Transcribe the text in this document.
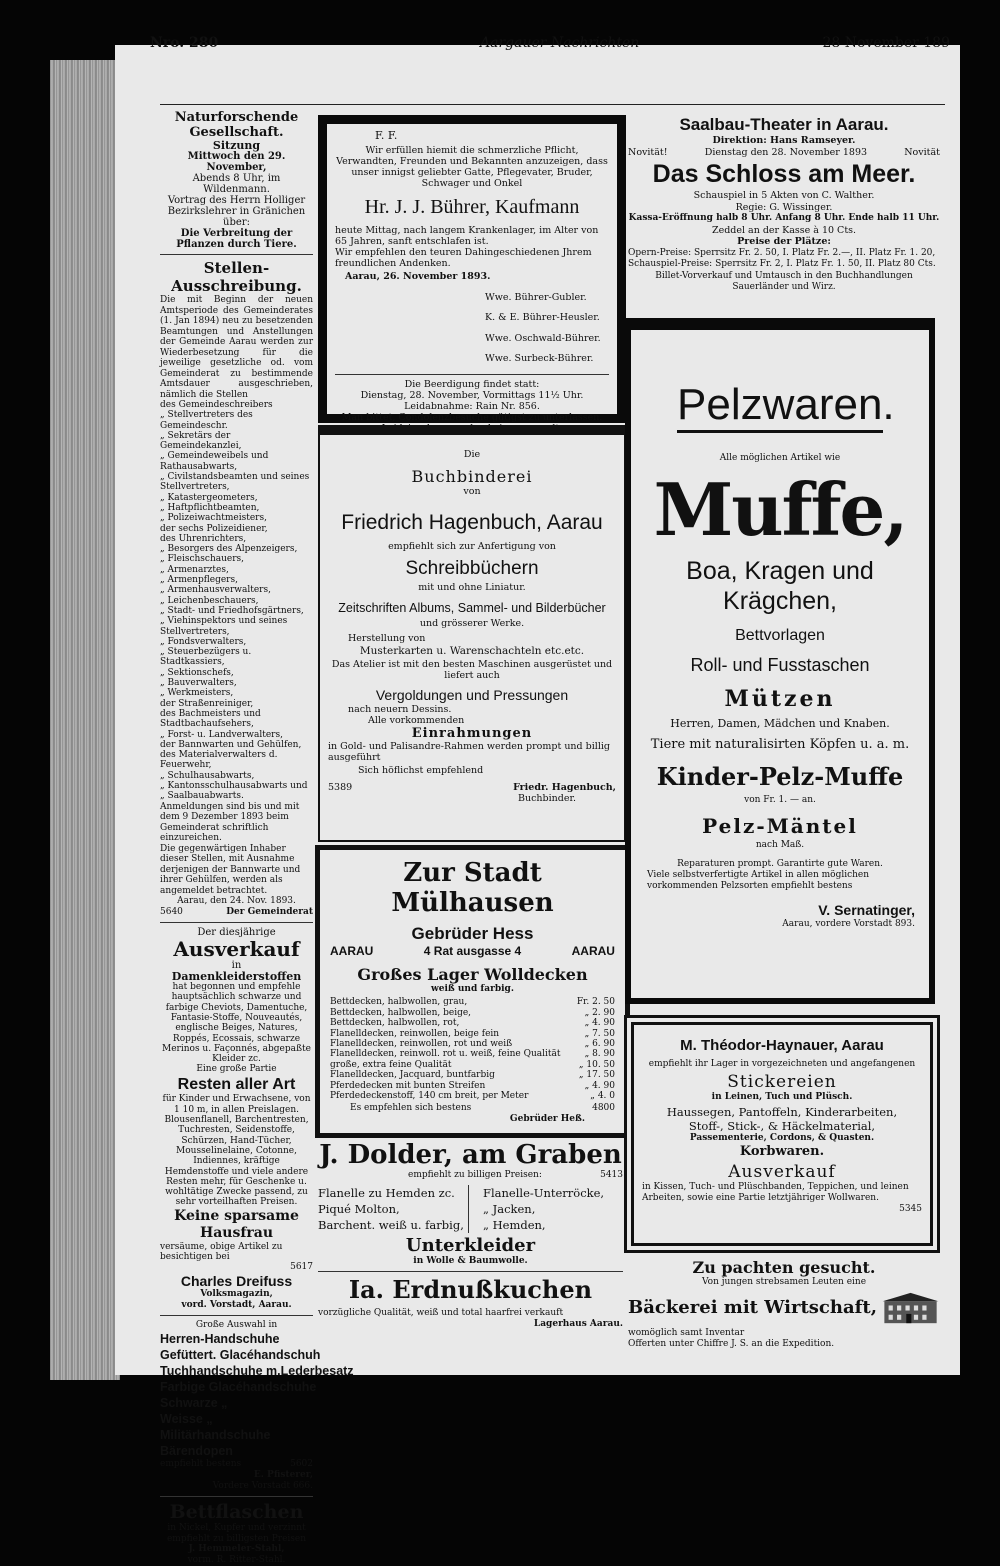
Nro. 280	Aargauer Nachrichten	28 November 189

Naturforschende Gesellschaft.

Sitzung

Mittwoch den 29. November,

Abends 8 Uhr, im Wildenmann.

Vortrag des Herrn Holliger Bezirkslehrer in Gränichen über:

Die Verbreitung der Pflanzen durch Tiere.

Stellen-Ausschreibung.

Die mit Beginn der neuen Amtsperiode des Gemeinderates (1. Jan 1894) neu zu besetzenden Beamtungen und Anstellungen der Gemeinde Aarau werden zur Wiederbesetzung für die jeweilige gesetzliche od. vom Gemeinderat zu bestimmende Amtsdauer ausgeschrieben, nämlich die Stellen

des Gemeindeschreibers

„ Stellvertreters des Gemeindeschr.

„ Sekretärs der Gemeindekanzlei,

„ Gemeindeweibels und Rathausabwarts,

„ Civilstandsbeamten und seines Stellvertreters,

„ Katastergeometers,

„ Haftpflichtbeamten,

„ Polizeiwachtmeisters,

der sechs Polizeidiener,

des Uhrenrichters,

„ Besorgers des Alpenzeigers,

„ Fleischschauers,

„ Armenarztes,

„ Armenpflegers,

„ Armenhausverwalters,

„ Leichenbeschauers,

„ Stadt- und Friedhofsgärtners,

„ Viehinspektors und seines Stellvertreters,

„ Fondsverwalters,

„ Steuerbezügers u. Stadtkassiers,

„ Sektionschefs,

„ Bauverwalters,

„ Werkmeisters,

der Straßenreiniger,

des Bachmeisters und Stadtbachaufsehers,

„ Forst- u. Landverwalters,

der Bannwarten und Gehülfen,

des Materialverwalters d. Feuerwehr,

„ Schulhausabwarts,

„ Kantonsschulhausabwarts und

„ Saalbauabwarts.

Anmeldungen sind bis und mit dem 9 Dezember 1893 beim Gemeinderat schriftlich einzureichen.

Die gegenwärtigen Inhaber dieser Stellen, mit Ausnahme derjenigen der Bannwarte und ihrer Gehülfen, werden als angemeldet betrachtet.

Aarau, den 24. Nov. 1893.

5640	Der Gemeinderat

Der diesjährige

Ausverkauf

in

Damenkleiderstoffen

hat begonnen und empfehle hauptsächlich schwarze und farbige Cheviots, Damentuche, Fantasie-Stoffe, Nouveautés, englische Beiges, Natures, Roppés, Ecossais, schwarze Merinos u. Façonnés, abgepaßte Kleider zc.

Eine große Partie

Resten aller Art

für Kinder und Erwachsene, von 1 10 m, in allen Preislagen. Blousenflanell, Barchentresten, Tuchresten, Seidenstoffe, Schürzen, Hand-Tücher, Mousselinelaine, Cotonne, Indiennes, kräftige Hemdenstoffe und viele andere Resten mehr, für Geschenke u. wohltätige Zwecke passend, zu sehr vorteilhaften Preisen.

Keine sparsame Hausfrau

versäume, obige Artikel zu besichtigen bei

5617

Charles Dreifuss

Volksmagazin,

vord. Vorstadt, Aarau.

Große Auswahl in

Herren-Handschuhe

Gefüttert. Glacéhandschuh

Tuchhandschuhe m.Lederbesatz

Farbige Glacéhandschuhe

Schwarze „

Weisse „

Militärhandschuhe

Bärendopen

empfiehlt bestens	5602

E. Pfisterer,

Vordere Vorstadt 666.

Bettflaschen

in Nickel, Kupfer und verzinnt empfiehlt zu billigsten Preisen

J. Hemmeler-Stahl,

vorm. R. Ritter-Stahl.

F. F.

Wir erfüllen hiemit die schmerzliche Pflicht, Verwandten, Freunden und Bekannten anzuzeigen, dass unser innigst geliebter Gatte, Pflegevater, Bruder, Schwager und Onkel

Hr. J. J. Bührer, Kaufmann

heute Mittag, nach langem Krankenlager, im Alter von 65 Jahren, sanft entschlafen ist.

Wir empfehlen den teuren Dahingeschiedenen Jhrem freundlichen Andenken.

Aarau, 26. November 1893.

Wwe. Bührer-Gubler.

K. & E. Bührer-Heusler.

Wwe. Oschwald-Bührer.

Wwe. Surbeck-Bührer.

Die Beerdigung findet statt:

Dienstag, 28. November, Vormittags 11½ Uhr.

Leidabnahme: Rain Nr. 856.

Man bittet, Condolenzbesuche gütigst zu unterlassen.

Leidcirculare werden keine versandt.

Die

Buchbinderei

von

Friedrich Hagenbuch, Aarau

empfiehlt sich zur Anfertigung von

Schreibbüchern

mit und ohne Liniatur.

Zeitschriften Albums, Sammel- und Bilderbücher

und grösserer Werke.

Herstellung von

Musterkarten u. Warenschachteln etc.etc.

Das Atelier ist mit den besten Maschinen ausgerüstet und liefert auch

Vergoldungen und Pressungen

nach neuern Dessins.

Alle vorkommenden

Einrahmungen

in Gold- und Palisandre-Rahmen werden prompt und billig ausgeführt

Sich höflichst empfehlend

5389	Friedr. Hagenbuch,

Buchbinder.

Zur Stadt Mülhausen

Gebrüder Hess

AARAU	4 Rat ausgasse 4	AARAU

Großes Lager Wolldecken

weiß und farbig.

Bettdecken, halbwollen, grau,	Fr. 2. 50
Bettdecken, halbwollen, beige,	„ 2. 90
Bettdecken, halbwollen, rot,	„ 4. 90
Flanelldecken, reinwollen, beige fein	„ 7. 50
Flanelldecken, reinwollen, rot und weiß	„ 6. 90
Flanelldecken, reinwoll. rot u. weiß, feine Qualität	„ 8. 90
große, extra feine Qualität	„ 10. 50
Flanelldecken, Jacquard, buntfarbig	„ 17. 50
Pferdedecken mit bunten Streifen	„ 4. 90
Pferdedeckenstoff, 140 cm breit, per Meter	„ 4. 0
Es empfehlen sich bestens	4800

Gebrüder Heß.

J. Dolder, am Graben

empfiehlt zu billigen Preisen:	5413

Flanelle zu Hemden zc.

Piqué Molton,

Barchent. weiß u. farbig,

Flanelle-Unterröcke,

„ Jacken,

„ Hemden,

Unterkleider

in Wolle & Baumwolle.

Ia. Erdnußkuchen

vorzügliche Qualität, weiß und total haarfrei verkauft

Lagerhaus Aarau.

Saalbau-Theater in Aarau.

Direktion: Hans Ramseyer.

Novität!	Dienstag den 28. November 1893	Novität

Das Schloss am Meer.

Schauspiel in 5 Akten von C. Walther.

Regie: G. Wissinger.

Kassa-Eröffnung halb 8 Uhr. Anfang 8 Uhr. Ende halb 11 Uhr.

Zeddel an der Kasse à 10 Cts.

Preise der Plätze:

Opern-Preise: Sperrsitz Fr. 2. 50, I. Platz Fr. 2.—, II. Platz Fr. 1. 20,

Schauspiel-Preise: Sperrsitz Fr. 2, I. Platz Fr. 1. 50, II. Platz 80 Cts.

Billet-Vorverkauf und Umtausch in den Buchhandlungen Sauerländer und Wirz.

Pelzwaren.

Alle möglichen Artikel wie

Muffe,

Boa, Kragen und Krägchen,

Bettvorlagen

Roll- und Fusstaschen

Mützen

Herren, Damen, Mädchen und Knaben.

Tiere mit naturalisirten Köpfen u. a. m.

Kinder-Pelz-Muffe

von Fr. 1. — an.

Pelz-Mäntel

nach Maß.

Reparaturen prompt. Garantirte gute Waren.

Viele selbstverfertigte Artikel in allen möglichen vorkommenden Pelzsorten empfiehlt bestens

V. Sernatinger,

Aarau, vordere Vorstadt 893.

M. Théodor-Haynauer, Aarau

empfiehlt ihr Lager in vorgezeichneten und angefangenen

Stickereien

in Leinen, Tuch und Plüsch.

Haussegen, Pantoffeln, Kinderarbeiten,

Stoff-, Stick-, & Häckelmaterial,

Passementerie, Cordons, & Quasten.

Korbwaren.

Ausverkauf

in Kissen, Tuch- und Plüschbanden, Teppichen, und leinen Arbeiten, sowie eine Partie letztjähriger Wollwaren.

5345

Zu pachten gesucht.

Von jungen strebsamen Leuten eine

Bäckerei mit Wirtschaft,

womöglich samt Inventar

Offerten unter Chiffre J. S. an die Expedition.
